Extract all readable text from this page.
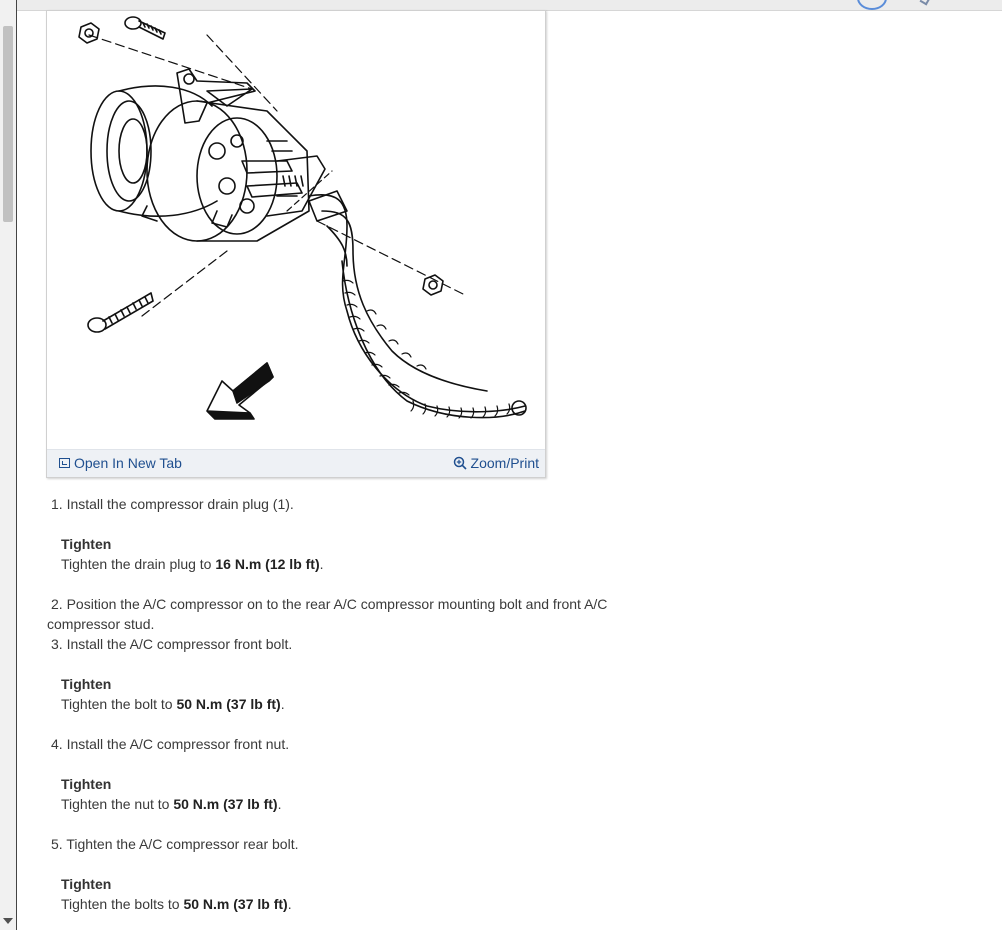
Open In New Tab	Zoom/Print

1. Install the compressor drain plug (1).

Tighten
Tighten the drain plug to 16 N.m (12 lb ft).

2. Position the A/C compressor on to the rear A/C compressor mounting bolt and front A/C
compressor stud.

3. Install the A/C compressor front bolt.

Tighten
Tighten the bolt to 50 N.m (37 lb ft).

4. Install the A/C compressor front nut.

Tighten
Tighten the nut to 50 N.m (37 lb ft).

5. Tighten the A/C compressor rear bolt.

Tighten
Tighten the bolts to 50 N.m (37 lb ft).
